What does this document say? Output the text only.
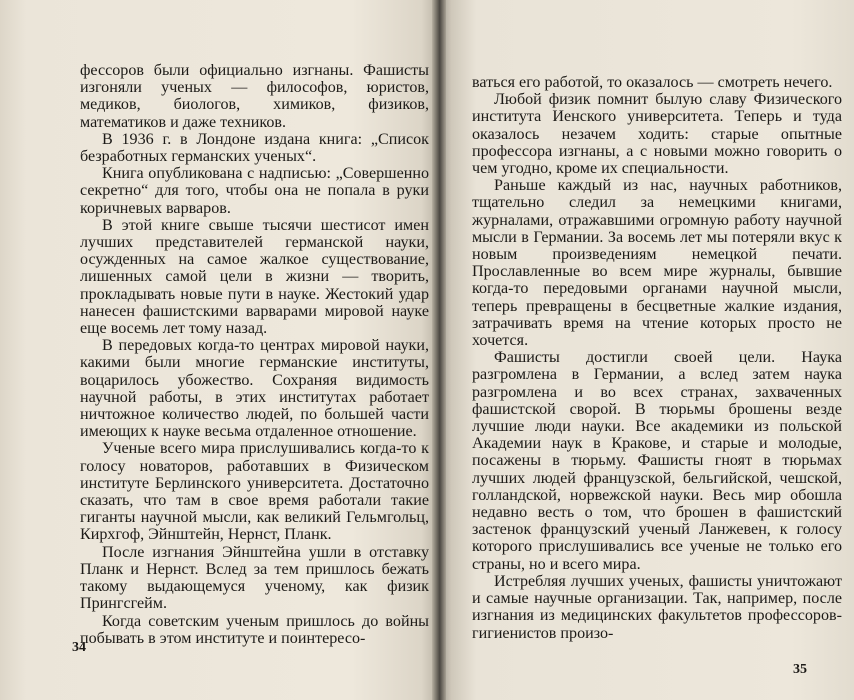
фессоров были официально изгнаны. Фашисты изгоняли ученых — философов, юристов, медиков, биологов, химиков, физиков, математиков и даже техников.

В 1936 г. в Лондоне издана книга: „Список безработных германских ученых“.

Книга опубликована с надписью: „Совершенно секретно“ для того, чтобы она не попала в руки коричневых варваров.

В этой книге свыше тысячи шестисот имен лучших представителей германской науки, осужденных на самое жалкое существование, лишенных самой цели в жизни — творить, прокладывать новые пути в науке. Жестокий удар нанесен фашистскими варварами мировой науке еще восемь лет тому назад.

В передовых когда-то центрах мировой науки, какими были многие германские институты, воцарилось убожество. Сохраняя видимость научной работы, в этих институтах работает ничтожное количество людей, по большей части имеющих к науке весьма отдаленное отношение.

Ученые всего мира прислушивались когда-то к голосу новаторов, работавших в Физическом институте Берлинского университета. Достаточно сказать, что там в свое время работали такие гиганты научной мысли, как великий Гельмгольц, Кирхгоф, Эйнштейн, Нернст, Планк.

После изгнания Эйнштейна ушли в отставку Планк и Нернст. Вслед за тем пришлось бежать такому выдающемуся ученому, как физик Прингсгейм.

Когда советским ученым пришлось до войны побывать в этом институте и поинтересо-

34

ваться его работой, то оказалось — смотреть нечего.

Любой физик помнит былую славу Физического института Иенского университета. Теперь и туда оказалось незачем ходить: старые опытные профессора изгнаны, а с новыми можно говорить о чем угодно, кроме их специальности.

Раньше каждый из нас, научных работников, тщательно следил за немецкими книгами, журналами, отражавшими огромную работу научной мысли в Германии. За восемь лет мы потеряли вкус к новым произведениям немецкой печати. Прославленные во всем мире журналы, бывшие когда-то передовыми органами научной мысли, теперь превращены в бесцветные жалкие издания, затрачивать время на чтение которых просто не хочется.

Фашисты достигли своей цели. Наука разгромлена в Германии, а вслед затем наука разгромлена и во всех странах, захваченных фашистской сворой. В тюрьмы брошены везде лучшие люди науки. Все академики из польской Академии наук в Кракове, и старые и молодые, посажены в тюрьму. Фашисты гноят в тюрьмах лучших людей французской, бельгийской, чешской, голландской, норвежской науки. Весь мир обошла недавно весть о том, что брошен в фашистский застенок французский ученый Ланжевен, к голосу которого прислушивались все ученые не только его страны, но и всего мира.

Истребляя лучших ученых, фашисты уничтожают и самые научные организации. Так, например, после изгнания из медицинских факультетов профессоров-гигиенистов произо-

35
